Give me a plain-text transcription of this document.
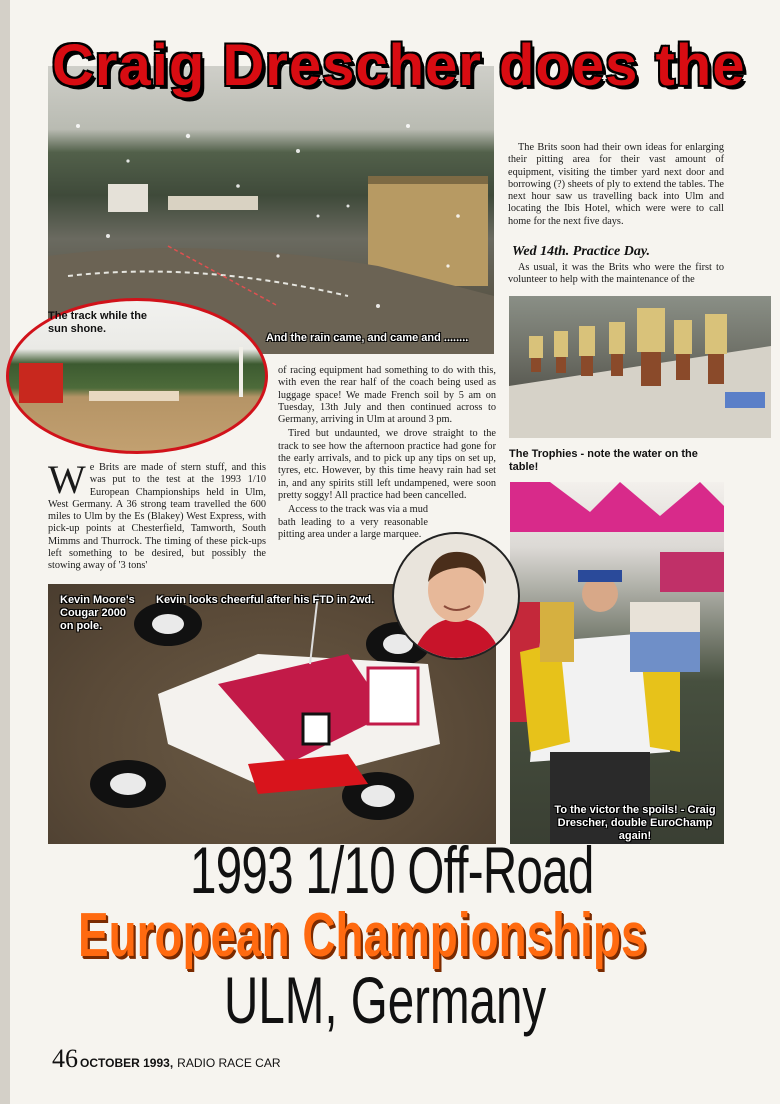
Craig Drescher does the
The track while the sun shone.
And the rain came, and came and ........

We Brits are made of stern stuff, and this was put to the test at the 1993 1/10 European Championships held in Ulm, West Germany. A 36 strong team travelled the 600 miles to Ulm by the Es (Blakey) West Express, with pick-up points at Chesterfield, Tamworth, South Mimms and Thurrock. The timing of these pick-ups left something to be desired, but possibly the stowing away of '3 tons'

of racing equipment had something to do with this, with even the rear half of the coach being used as luggage space! We made French soil by 5 am on Tuesday, 13th July and then continued across to Germany, arriving in Ulm at around 3 pm.

Tired but undaunted, we drove straight to the track to see how the afternoon practice had gone for the early arrivals, and to pick up any tips on set up, tyres, etc. However, by this time heavy rain had set in, and any spirits still left undampened, were soon pretty soggy! All practice had been cancelled.

Access to the track was via a mud bath leading to a very reasonable pitting area under a large marquee.

The Brits soon had their own ideas for enlarging their pitting area for their vast amount of equipment, visiting the timber yard next door and borrowing (?) sheets of ply to extend the tables. The next hour saw us travelling back into Ulm and locating the Ibis Hotel, which were were to call home for the next five days.

Wed 14th. Practice Day.

As usual, it was the Brits who were the first to volunteer to help with the maintenance of the

The Trophies - note the water on the table!
To the victor the spoils! - Craig Drescher, double EuroChamp again!
Kevin Moore's Cougar 2000 on pole.
Kevin looks cheerful after his FTD in 2wd.
1993 1/10 Off-Road
European Championships
ULM, Germany
46 OCTOBER 1993, RADIO RACE CAR
